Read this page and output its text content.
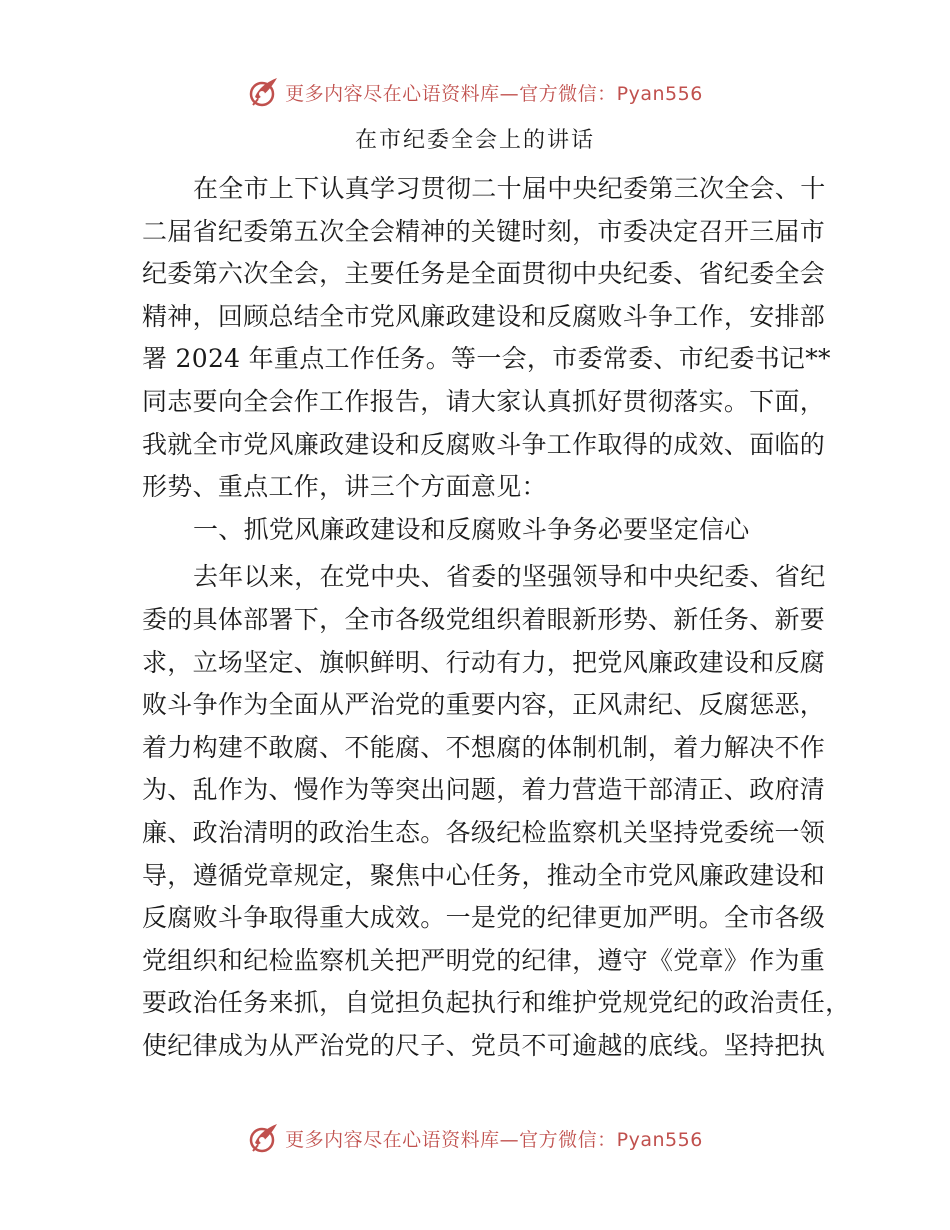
更多内容尽在心语资料库—官方微信：Pyan556
在市纪委全会上的讲话
在全市上下认真学习贯彻二十届中央纪委第三次全会、十
二届省纪委第五次全会精神的关键时刻，市委决定召开三届市
纪委第六次全会，主要任务是全面贯彻中央纪委、省纪委全会
精神，回顾总结全市党风廉政建设和反腐败斗争工作，安排部
署 2024 年重点工作任务。等一会，市委常委、市纪委书记**
同志要向全会作工作报告，请大家认真抓好贯彻落实。下面，
我就全市党风廉政建设和反腐败斗争工作取得的成效、面临的
形势、重点工作，讲三个方面意见：
一、抓党风廉政建设和反腐败斗争务必要坚定信心
去年以来，在党中央、省委的坚强领导和中央纪委、省纪
委的具体部署下，全市各级党组织着眼新形势、新任务、新要
求，立场坚定、旗帜鲜明、行动有力，把党风廉政建设和反腐
败斗争作为全面从严治党的重要内容，正风肃纪、反腐惩恶，
着力构建不敢腐、不能腐、不想腐的体制机制，着力解决不作
为、乱作为、慢作为等突出问题，着力营造干部清正、政府清
廉、政治清明的政治生态。各级纪检监察机关坚持党委统一领
导，遵循党章规定，聚焦中心任务，推动全市党风廉政建设和
反腐败斗争取得重大成效。一是党的纪律更加严明。全市各级
党组织和纪检监察机关把严明党的纪律，遵守《党章》作为重
要政治任务来抓，自觉担负起执行和维护党规党纪的政治责任，
使纪律成为从严治党的尺子、党员不可逾越的底线。坚持把执
更多内容尽在心语资料库—官方微信：Pyan556
